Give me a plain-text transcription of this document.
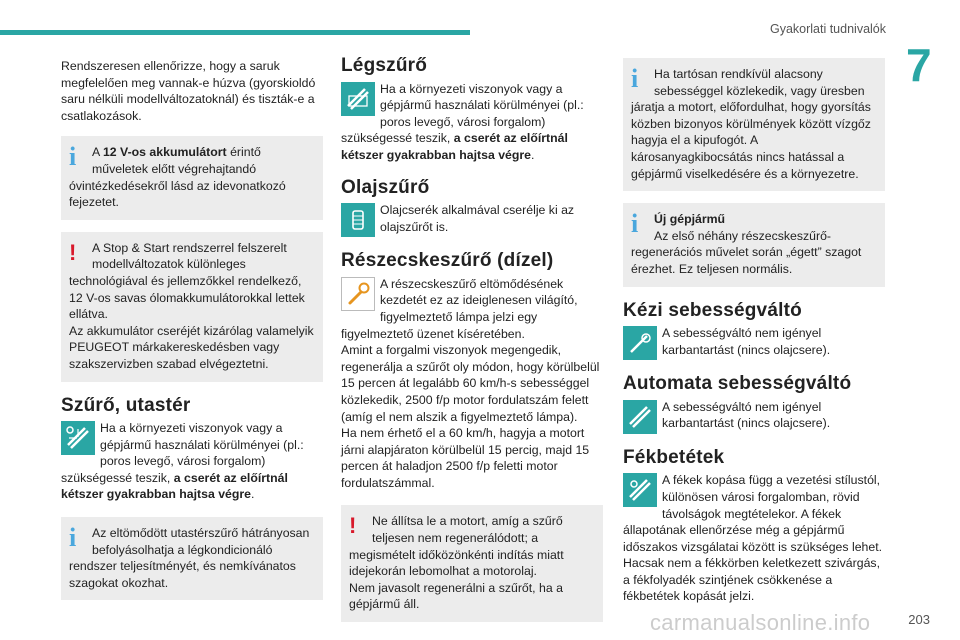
Gyakorlati tudnivalók
7

Rendszeresen ellenőrizze, hogy a saruk megfelelően meg vannak-e húzva (gyorskioldó saru nélküli modellváltozatoknál) és tiszták-e a csatlakozások.

i	A 12 V-os akkumulátort érintő műveletek előtt végrehajtandó óvintézkedésekről lásd az idevonatkozó fejezetet.

!	A Stop & Start rendszerrel felszerelt modellváltozatok különleges technológiával és jellemzőkkel rendelkező, 12 V-os savas ólomakkumulátorokkal lettek ellátva.
Az akkumulátor cseréjét kizárólag valamelyik PEUGEOT márkakereskedésben vagy szakszervizben szabad elvégeztetni.

Szűrő, utastér

Ha a környezeti viszonyok vagy a gépjármű használati körülményei (pl.: poros levegő, városi forgalom) szükségessé teszik, a cserét az előírtnál kétszer gyakrabban hajtsa végre.

i	Az eltömődött utastérszűrő hátrányosan befolyásolhatja a légkondicionáló rendszer teljesítményét, és nemkívánatos szagokat okozhat.

Légszűrő

Ha a környezeti viszonyok vagy a gépjármű használati körülményei (pl.: poros levegő, városi forgalom) szükségessé teszik, a cserét az előírtnál kétszer gyakrabban hajtsa végre.

Olajszűrő

Olajcserék alkalmával cserélje ki az olajszűrőt is.

Részecskeszűrő (dízel)

A részecskeszűrő eltömődésének kezdetét ez az ideiglenesen világító, figyelmeztető lámpa jelzi egy figyelmeztető üzenet kíséretében.
Amint a forgalmi viszonyok megengedik, regenerálja a szűrőt oly módon, hogy körülbelül 15 percen át legalább 60 km/h-s sebességgel közlekedik, 2500 f/p motor fordulatszám felett (amíg el nem alszik a figyelmeztető lámpa).
Ha nem érhető el a 60 km/h, hagyja a motort járni alapjáraton körülbelül 15 percig, majd 15 percen át haladjon 2500 f/p feletti motor fordulatszámmal.

!	Ne állítsa le a motort, amíg a szűrő teljesen nem regenerálódott; a megismételt időközönkénti indítás miatt idejekorán lebomolhat a motorolaj.
Nem javasolt regenerálni a szűrőt, ha a gépjármű áll.

i	Ha tartósan rendkívül alacsony sebességgel közlekedik, vagy üresben járatja a motort, előfordulhat, hogy gyorsítás közben bizonyos körülmények között vízgőz hagyja el a kipufogót. A károsanyagkibocsátás nincs hatással a gépjármű viselkedésére és a környezetre.

i	Új gépjármű

Az első néhány részecskeszűrő-regenerációs művelet során „égett” szagot érezhet. Ez teljesen normális.

Kézi sebességváltó

A sebességváltó nem igényel karbantartást (nincs olajcsere).

Automata sebességváltó

A sebességváltó nem igényel karbantartást (nincs olajcsere).

Fékbetétek

A fékek kopása függ a vezetési stílustól, különösen városi forgalomban, rövid távolságok megtételekor. A fékek állapotának ellenőrzése még a gépjármű időszakos vizsgálatai között is szükséges lehet.
Hacsak nem a fékkörben keletkezett szivárgás, a fékfolyadék szintjének csökkenése a fékbetétek kopását jelzi.

carmanualsonline.info	203
